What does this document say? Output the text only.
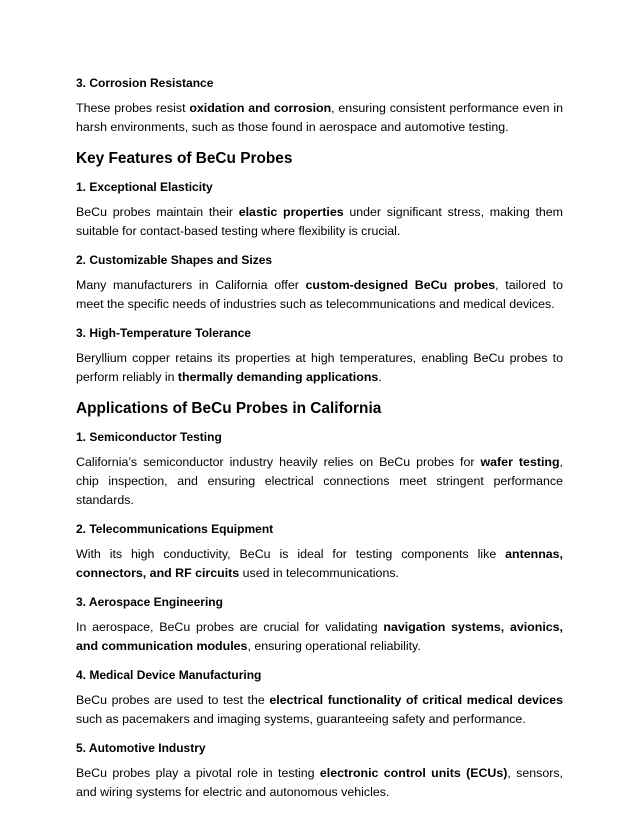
3. Corrosion Resistance

These probes resist oxidation and corrosion, ensuring consistent performance even in harsh environments, such as those found in aerospace and automotive testing.

Key Features of BeCu Probes
1. Exceptional Elasticity

BeCu probes maintain their elastic properties under significant stress, making them suitable for contact-based testing where flexibility is crucial.

2. Customizable Shapes and Sizes

Many manufacturers in California offer custom-designed BeCu probes, tailored to meet the specific needs of industries such as telecommunications and medical devices.

3. High-Temperature Tolerance

Beryllium copper retains its properties at high temperatures, enabling BeCu probes to perform reliably in thermally demanding applications.

Applications of BeCu Probes in California
1. Semiconductor Testing

California’s semiconductor industry heavily relies on BeCu probes for wafer testing, chip inspection, and ensuring electrical connections meet stringent performance standards.

2. Telecommunications Equipment

With its high conductivity, BeCu is ideal for testing components like antennas, connectors, and RF circuits used in telecommunications.

3. Aerospace Engineering

In aerospace, BeCu probes are crucial for validating navigation systems, avionics, and communication modules, ensuring operational reliability.

4. Medical Device Manufacturing

BeCu probes are used to test the electrical functionality of critical medical devices such as pacemakers and imaging systems, guaranteeing safety and performance.

5. Automotive Industry

BeCu probes play a pivotal role in testing electronic control units (ECUs), sensors, and wiring systems for electric and autonomous vehicles.
